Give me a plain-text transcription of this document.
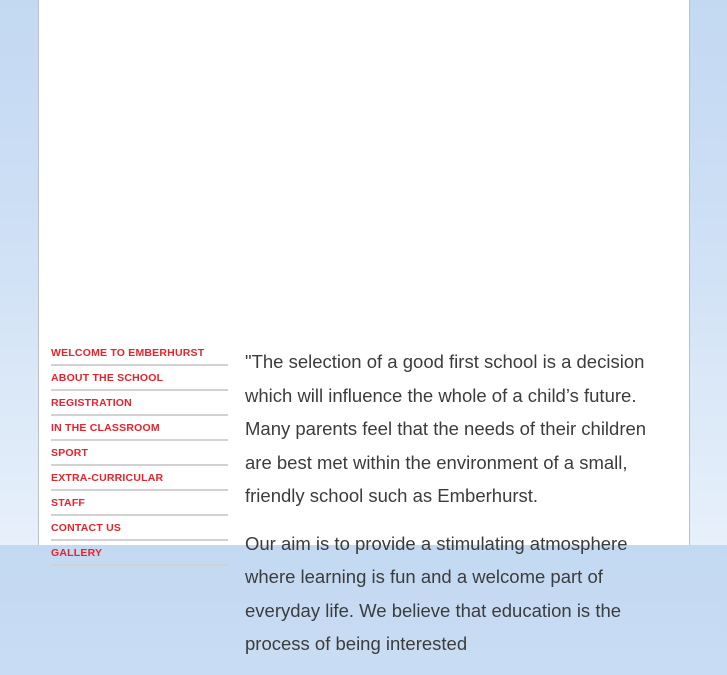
WELCOME TO EMBERHURST
ABOUT THE SCHOOL
REGISTRATION
IN THE CLASSROOM
SPORT
EXTRA-CURRICULAR
STAFF
CONTACT US
GALLERY

"The selection of a good first school is a decision which will influence the whole of a child’s future. Many parents feel that the needs of their children are best met within the environment of a small, friendly school such as Emberhurst.

Our aim is to provide a stimulating atmosphere where learning is fun and a welcome part of everyday life. We believe that education is the process of being interested
